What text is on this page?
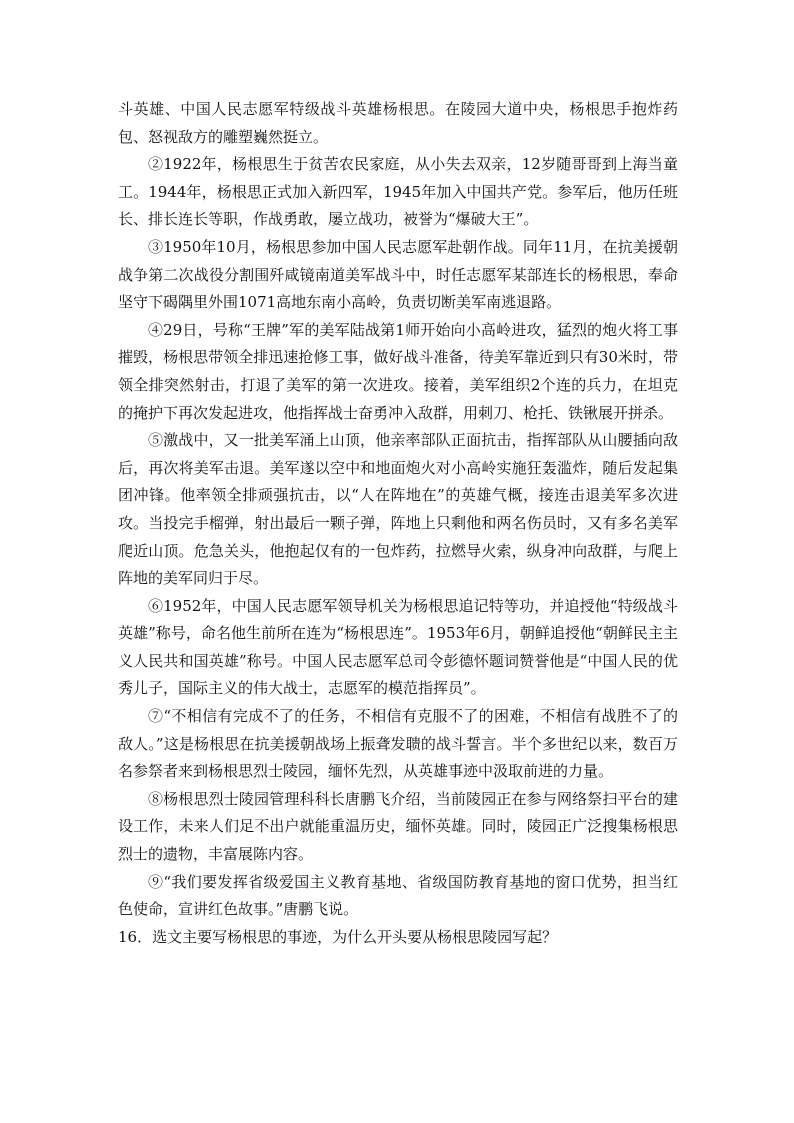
斗英雄、中国人民志愿军特级战斗英雄杨根思。在陵园大道中央，杨根思手抱炸药包、怒视敌方的雕塑巍然挺立。

②1922年，杨根思生于贫苦农民家庭，从小失去双亲，12岁随哥哥到上海当童工。1944年，杨根思正式加入新四军，1945年加入中国共产党。参军后，他历任班长、排长连长等职，作战勇敢，屡立战功，被誉为“爆破大王”。

③1950年10月，杨根思参加中国人民志愿军赴朝作战。同年11月，在抗美援朝战争第二次战役分割围歼咸镜南道美军战斗中，时任志愿军某部连长的杨根思，奉命坚守下碣隅里外围1071高地东南小高岭，负责切断美军南逃退路。

④29日，号称“王牌”军的美军陆战第1师开始向小高岭进攻，猛烈的炮火将工事摧毁，杨根思带领全排迅速抢修工事，做好战斗准备，待美军靠近到只有30米时，带领全排突然射击，打退了美军的第一次进攻。接着，美军组织2个连的兵力，在坦克的掩护下再次发起进攻，他指挥战士奋勇冲入敌群，用刺刀、枪托、铁锹展开拼杀。

⑤激战中，又一批美军涌上山顶，他亲率部队正面抗击，指挥部队从山腰插向敌后，再次将美军击退。美军遂以空中和地面炮火对小高岭实施狂轰滥炸，随后发起集团冲锋。他率领全排顽强抗击，以“人在阵地在”的英雄气概，接连击退美军多次进攻。当投完手榴弹，射出最后一颗子弹，阵地上只剩他和两名伤员时，又有多名美军爬近山顶。危急关头，他抱起仅有的一包炸药，拉燃导火索，纵身冲向敌群，与爬上阵地的美军同归于尽。

⑥1952年，中国人民志愿军领导机关为杨根思追记特等功，并追授他“特级战斗英雄”称号，命名他生前所在连为“杨根思连”。1953年6月，朝鲜追授他“朝鲜民主主义人民共和国英雄”称号。中国人民志愿军总司令彭德怀题词赞誉他是“中国人民的优秀儿子，国际主义的伟大战士，志愿军的模范指挥员”。

⑦“不相信有完成不了的任务，不相信有克服不了的困难，不相信有战胜不了的敌人。”这是杨根思在抗美援朝战场上振聋发聩的战斗誓言。半个多世纪以来，数百万名参祭者来到杨根思烈士陵园，缅怀先烈，从英雄事迹中汲取前进的力量。

⑧杨根思烈士陵园管理科科长唐鹏飞介绍，当前陵园正在参与网络祭扫平台的建设工作，未来人们足不出户就能重温历史，缅怀英雄。同时，陵园正广泛搜集杨根思烈士的遗物，丰富展陈内容。

⑨“我们要发挥省级爱国主义教育基地、省级国防教育基地的窗口优势，担当红色使命，宣讲红色故事。”唐鹏飞说。

16．选文主要写杨根思的事迹，为什么开头要从杨根思陵园写起？
